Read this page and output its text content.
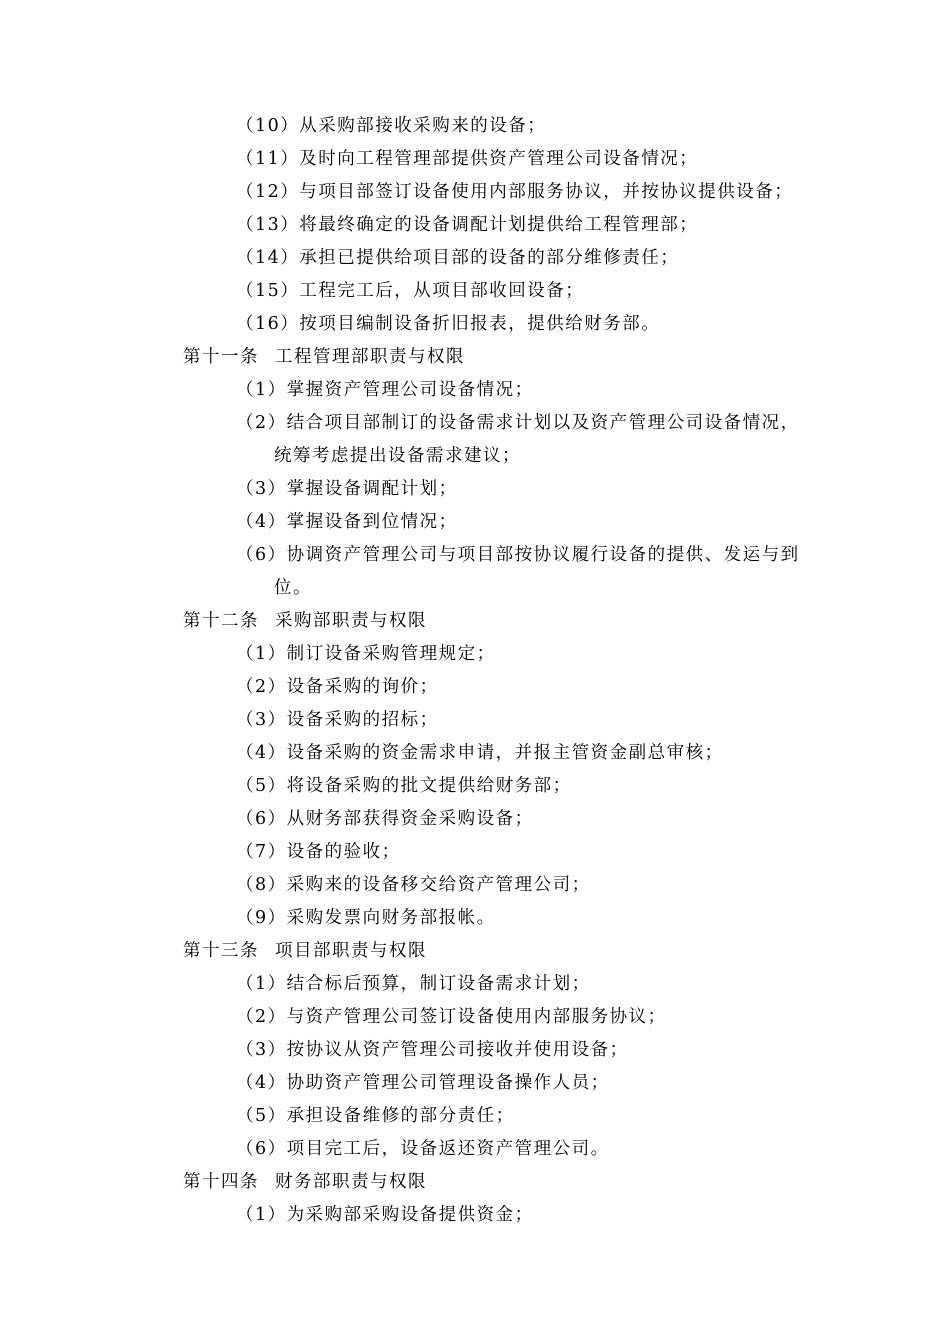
（10）从采购部接收采购来的设备；
（11）及时向工程管理部提供资产管理公司设备情况；
（12）与项目部签订设备使用内部服务协议，并按协议提供设备；
（13）将最终确定的设备调配计划提供给工程管理部；
（14）承担已提供给项目部的设备的部分维修责任；
（15）工程完工后，从项目部收回设备；
（16）按项目编制设备折旧报表，提供给财务部。
第十一条 工程管理部职责与权限
（1）掌握资产管理公司设备情况；
（2）结合项目部制订的设备需求计划以及资产管理公司设备情况，
统筹考虑提出设备需求建议；
（3）掌握设备调配计划；
（4）掌握设备到位情况；
（6）协调资产管理公司与项目部按协议履行设备的提供、发运与到
位。
第十二条 采购部职责与权限
（1）制订设备采购管理规定；
（2）设备采购的询价；
（3）设备采购的招标；
（4）设备采购的资金需求申请，并报主管资金副总审核；
（5）将设备采购的批文提供给财务部；
（6）从财务部获得资金采购设备；
（7）设备的验收；
（8）采购来的设备移交给资产管理公司；
（9）采购发票向财务部报帐。
第十三条 项目部职责与权限
（1）结合标后预算，制订设备需求计划；
（2）与资产管理公司签订设备使用内部服务协议；
（3）按协议从资产管理公司接收并使用设备；
（4）协助资产管理公司管理设备操作人员；
（5）承担设备维修的部分责任；
（6）项目完工后，设备返还资产管理公司。
第十四条 财务部职责与权限
（1）为采购部采购设备提供资金；
